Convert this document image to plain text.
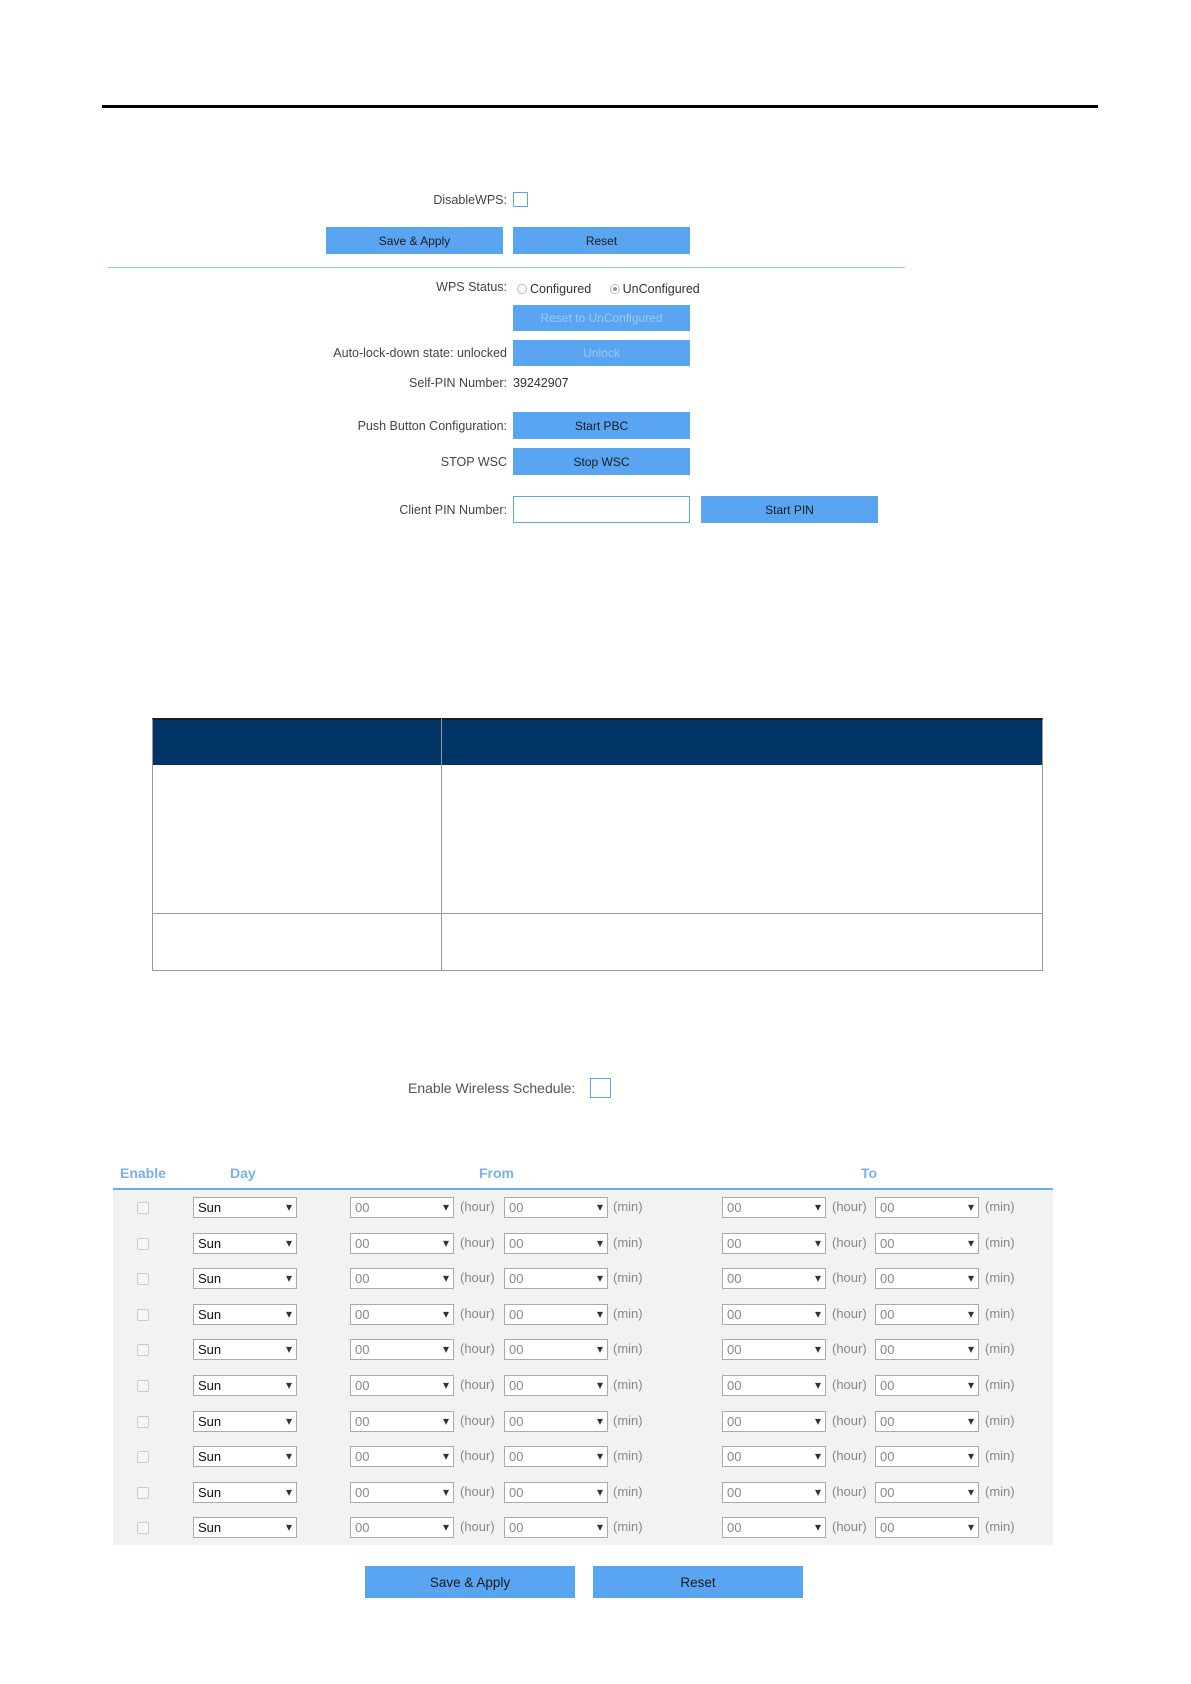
DisableWPS:
Save & Apply	Reset
WPS Status:	Configured	UnConfigured
Reset to UnConfigured
Auto-lock-down state: unlocked	Unlock
Self-PIN Number: 39242907
Push Button Configuration:	Start PBC
STOP WSC	Stop WSC
Client PIN Number:	Start PIN
Enable Wireless Schedule:
Sun ▾	00 ▾	(hour)	00 ▾	(min)	00 ▾	(hour)	00 ▾	(min)
Sun ▾	00 ▾	(hour)	00 ▾	(min)	00 ▾	(hour)	00 ▾	(min)
Sun ▾	00 ▾	(hour)	00 ▾	(min)	00 ▾	(hour)	00 ▾	(min)
Sun ▾	00 ▾	(hour)	00 ▾	(min)	00 ▾	(hour)	00 ▾	(min)
Sun ▾	00 ▾	(hour)	00 ▾	(min)	00 ▾	(hour)	00 ▾	(min)
Sun ▾	00 ▾	(hour)	00 ▾	(min)	00 ▾	(hour)	00 ▾	(min)
Sun ▾	00 ▾	(hour)	00 ▾	(min)	00 ▾	(hour)	00 ▾	(min)
Sun ▾	00 ▾	(hour)	00 ▾	(min)	00 ▾	(hour)	00 ▾	(min)
Sun ▾	00 ▾	(hour)	00 ▾	(min)	00 ▾	(hour)	00 ▾	(min)
Sun ▾	00 ▾	(hour)	00 ▾	(min)	00 ▾	(hour)	00 ▾	(min)
Enable	Day	From	To
Save & Apply	Reset
